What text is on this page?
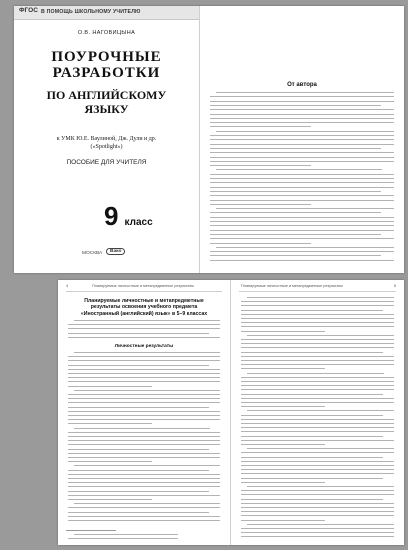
ФГОС В ПОМОЩЬ ШКОЛЬНОМУ УЧИТЕЛЮ
О.В. НАГОВИЦЫНА
ПОУРОЧНЫЕ
РАЗРАБОТКИ
ПО АНГЛИЙСКОМУ
ЯЗЫКУ
к УМК Ю.Е. Ваулиной, Дж. Дули и др.
(«Spotlight»)
ПОСОБИЕ ДЛЯ УЧИТЕЛЯ
9 класс
МОСКВА	Вако
От автора
4	Планируемые личностные и метапредметные результаты
Планируемые личностные и метапредметные
результаты освоения учебного предмета
«Иностранный (английский) язык» в 5–9 классах
Личностные результаты
Планируемые личностные и метапредметные результаты	5
